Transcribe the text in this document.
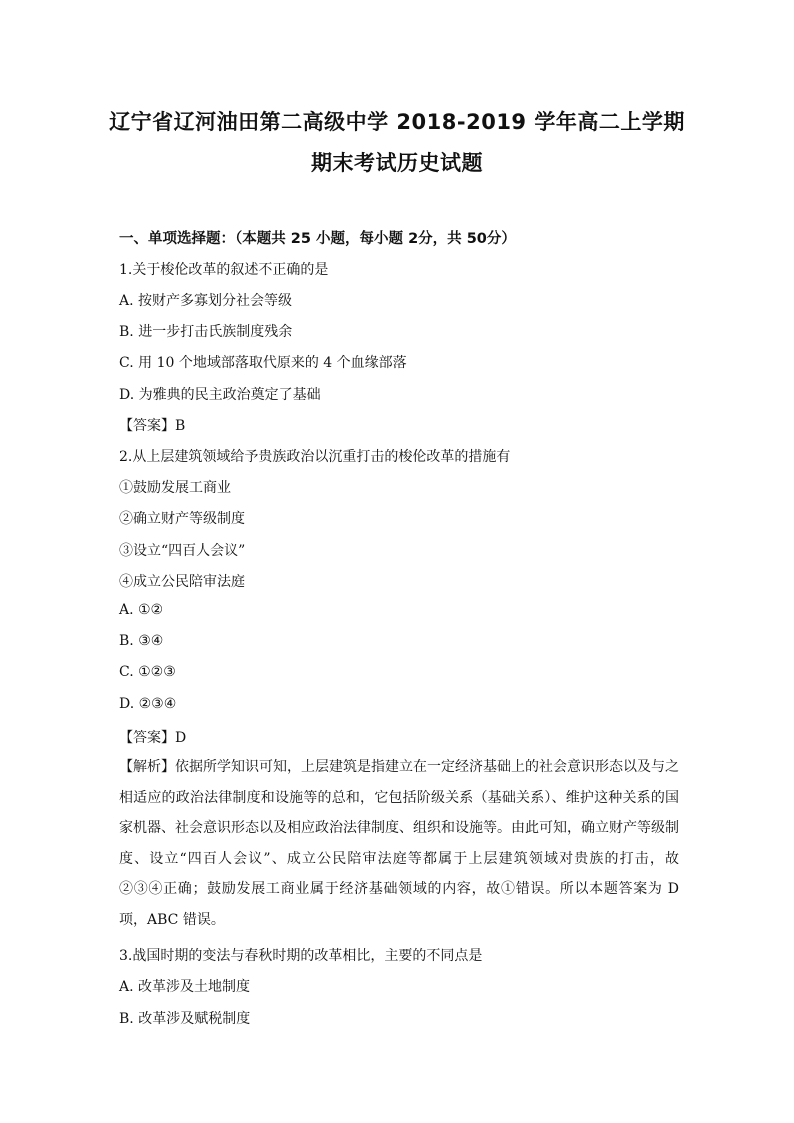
辽宁省辽河油田第二高级中学 2018-2019 学年高二上学期
期末考试历史试题
一、单项选择题：（本题共 25 小题，每小题 2分，共 50分）
1.关于梭伦改革的叙述不正确的是
A. 按财产多寡划分社会等级
B. 进一步打击氏族制度残余
C. 用 10 个地域部落取代原来的 4 个血缘部落
D. 为雅典的民主政治奠定了基础
【答案】B
2.从上层建筑领域给予贵族政治以沉重打击的梭伦改革的措施有
①鼓励发展工商业
②确立财产等级制度
③设立“四百人会议”
④成立公民陪审法庭
A. ①②
B. ③④
C. ①②③
D. ②③④
【答案】D
【解析】依据所学知识可知，上层建筑是指建立在一定经济基础上的社会意识形态以及与之相适应的政治法律制度和设施等的总和，它包括阶级关系（基础关系）、维护这种关系的国家机器、社会意识形态以及相应政治法律制度、组织和设施等。由此可知，确立财产等级制度、设立“四百人会议”、成立公民陪审法庭等都属于上层建筑领域对贵族的打击，故②③④正确；鼓励发展工商业属于经济基础领域的内容，故①错误。所以本题答案为 D 项，ABC 错误。
3.战国时期的变法与春秋时期的改革相比，主要的不同点是
A. 改革涉及土地制度
B. 改革涉及赋税制度
